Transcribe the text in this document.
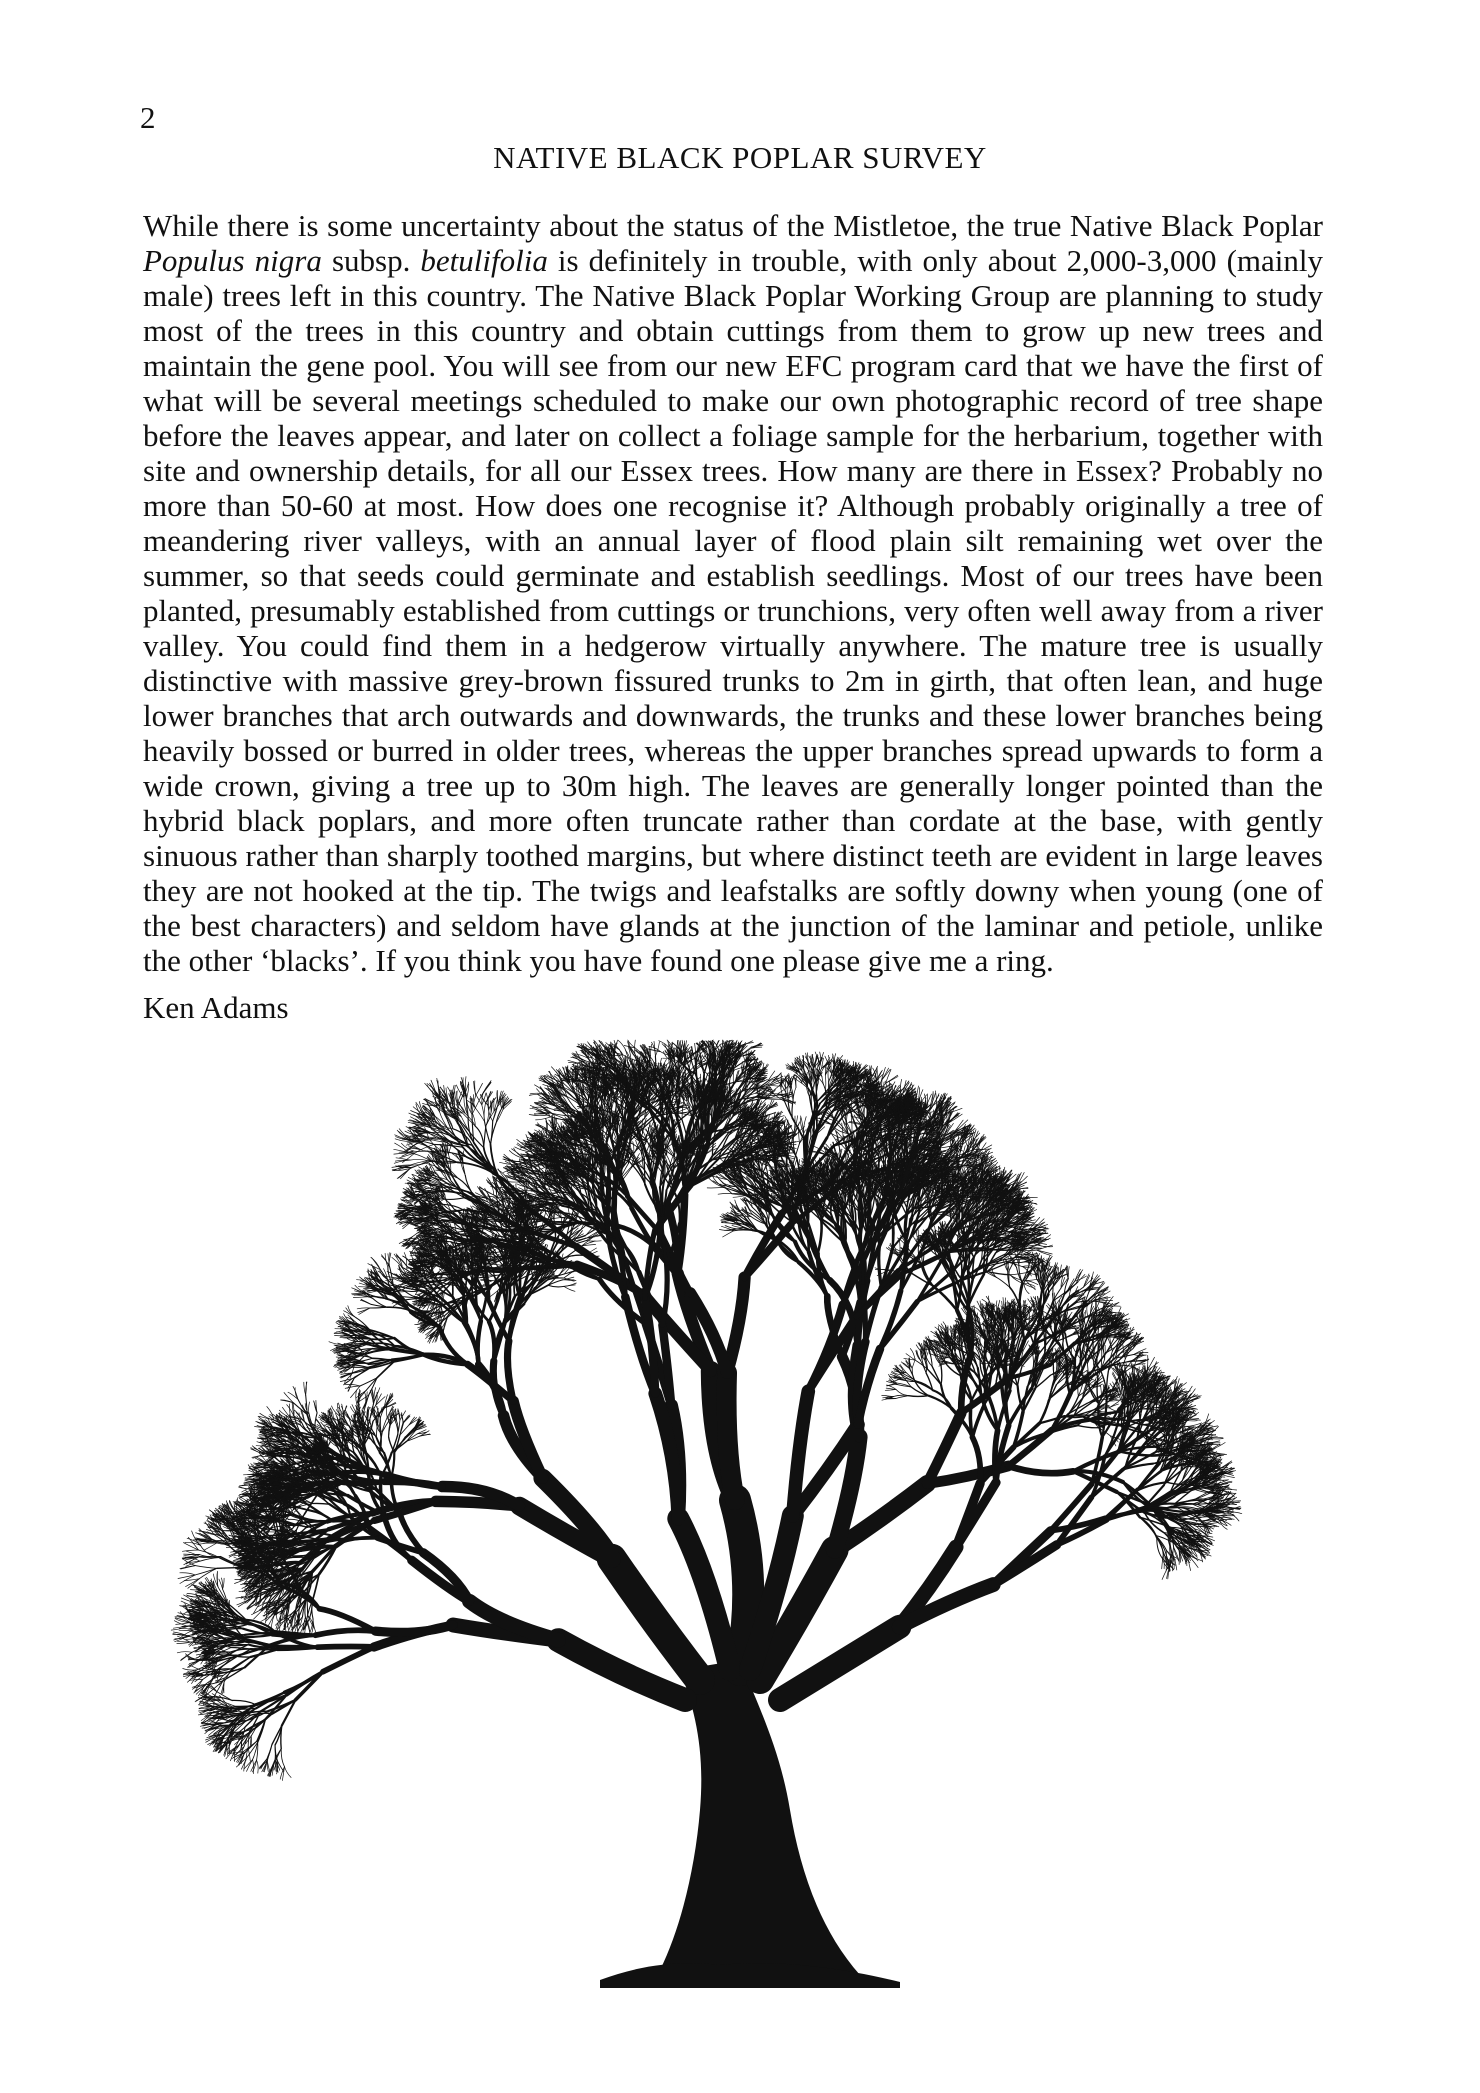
2
NATIVE BLACK POPLAR SURVEY

While there is some uncertainty about the status of the Mistletoe, the true Native Black Poplar Populus nigra subsp. betulifolia is definitely in trouble, with only about 2,000-3,000 (mainly male) trees left in this country. The Native Black Poplar Working Group are planning to study most of the trees in this country and obtain cuttings from them to grow up new trees and maintain the gene pool. You will see from our new EFC program card that we have the first of what will be several meetings scheduled to make our own photographic record of tree shape before the leaves appear, and later on collect a foliage sample for the herbarium, together with site and ownership details, for all our Essex trees. How many are there in Essex? Probably no more than 50-60 at most. How does one recognise it? Although probably originally a tree of meandering river valleys, with an annual layer of flood plain silt remaining wet over the summer, so that seeds could germinate and establish seedlings. Most of our trees have been planted, presumably established from cuttings or trunchions, very often well away from a river valley. You could find them in a hedgerow virtually anywhere. The mature tree is usually distinctive with massive grey-brown fissured trunks to 2m in girth, that often lean, and huge lower branches that arch outwards and downwards, the trunks and these lower branches being heavily bossed or burred in older trees, whereas the upper branches spread upwards to form a wide crown, giving a tree up to 30m high. The leaves are generally longer pointed than the hybrid black poplars, and more often truncate rather than cordate at the base, with gently sinuous rather than sharply toothed margins, but where distinct teeth are evident in large leaves they are not hooked at the tip. The twigs and leafstalks are softly downy when young (one of the best characters) and seldom have glands at the junction of the laminar and petiole, unlike the other ‘blacks’. If you think you have found one please give me a ring.

Ken Adams
